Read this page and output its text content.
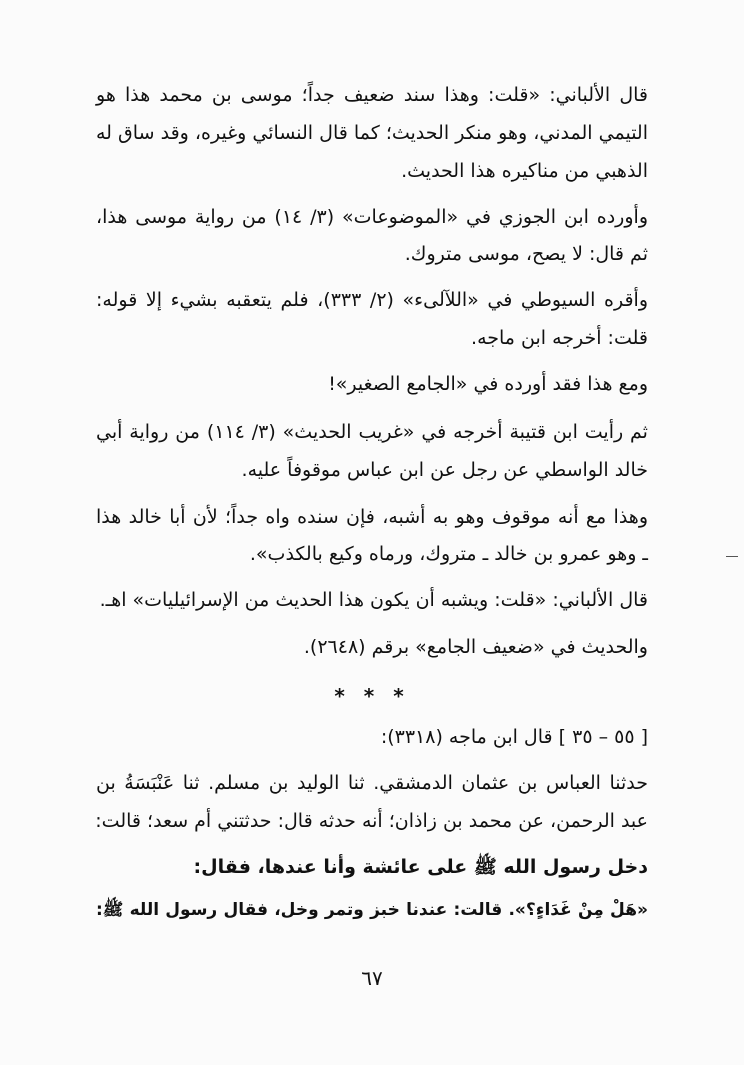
قال الألباني: «قلت: وهذا سند ضعيف جداً؛ موسى بن محمد هذا هو
التيمي المدني، وهو منكر الحديث؛ كما قال النسائي وغيره، وقد ساق له
الذهبي من مناكيره هذا الحديث.
وأورده ابن الجوزي في «الموضوعات» (٣/ ١٤) من رواية موسى هذا،
ثم قال: لا يصح، موسى متروك.
وأقره السيوطي في «اللآلىء» (٢/ ٣٣٣)، فلم يتعقبه بشيء إلا قوله:
قلت: أخرجه ابن ماجه.
ومع هذا فقد أورده في «الجامع الصغير»!
ثم رأيت ابن قتيبة أخرجه في «غريب الحديث» (٣/ ١١٤) من رواية أبي
خالد الواسطي عن رجل عن ابن عباس موقوفاً عليه.
وهذا مع أنه موقوف وهو به أشبه، فإن سنده واه جداً؛ لأن أبا خالد هذا
ـ وهو عمرو بن خالد ـ متروك، ورماه وكيع بالكذب».
قال الألباني: «قلت: ويشبه أن يكون هذا الحديث من الإسرائيليات» اهـ.
والحديث في «ضعيف الجامع» برقم (٢٦٤٨).
* * *
[ ٥٥ – ٣٥ ] قال ابن ماجه (٣٣١٨):
حدثنا العباس بن عثمان الدمشقي. ثنا الوليد بن مسلم. ثنا عَنْبَسَةُ بن
عبد الرحمن، عن محمد بن زاذان؛ أنه حدثه قال: حدثتني أم سعد؛ قالت:
دخل رسول الله ﷺ على عائشة وأنا عندها، فقال:
«هَلْ مِنْ غَدَاءٍ؟». قالت: عندنا خبز وتمر وخل، فقال رسول الله ﷺ:
٦٧
